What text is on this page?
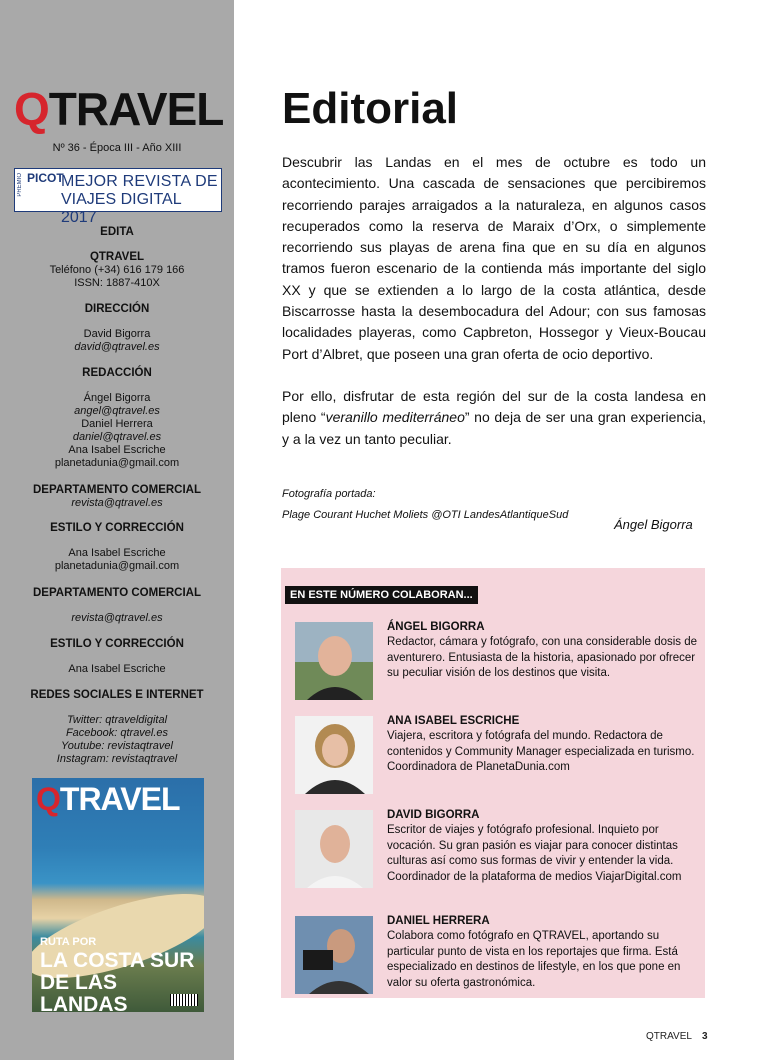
QTRAVEL
Nº 36 - Época III - Año XIII
PREMIO PICOT
MEJOR REVISTA DE
VIAJES DIGITAL 2017
EDITA
QTRAVEL
Teléfono (+34) 616 179 166
ISSN: 1887-410X
DIRECCIÓN
David Bigorra
david@qtravel.es
REDACCIÓN
Ángel Bigorra
angel@qtravel.es
Daniel Herrera
daniel@qtravel.es
Ana Isabel Escriche
planetadunia@gmail.com
DEPARTAMENTO COMERCIAL
revista@qtravel.es
ESTILO Y CORRECCIÓN
Ana Isabel Escriche
planetadunia@gmail.com
DEPARTAMENTO COMERCIAL
revista@qtravel.es
ESTILO Y CORRECCIÓN
Ana Isabel Escriche
REDES SOCIALES E INTERNET
Twitter: qtraveldigital
Facebook: qtravel.es
Youtube: revistaqtravel
Instagram: revistaqtravel
QTRAVEL
RUTA POR
LA COSTA SUR
DE LAS LANDAS
Editorial

Descubrir las Landas en el mes de octubre es todo un acontecimiento. Una cascada de sensaciones que percibiremos recorriendo parajes arraigados a la naturaleza, en algunos casos recuperados como la reserva de Maraix d’Orx, o simplemente recorriendo sus playas de arena fina que en su día en algunos tramos fueron escenario de la contienda más importante del siglo XX y que se extienden a lo largo de la costa atlántica, desde Biscarrosse hasta la desembocadura del Adour; con sus famosas localidades playeras, como Capbreton, Hossegor y Vieux-Boucau Port d’Albret, que poseen una gran oferta de ocio deportivo.

Por ello, disfrutar de esta región del sur de la costa landesa en pleno “veranillo mediterráneo” no deja de ser una gran experiencia, y a la vez un tanto peculiar.

Fotografía portada:
Plage Courant Huchet Moliets @OTI LandesAtlantiqueSud
Ángel Bigorra
EN ESTE NÚMERO COLABORAN...
ÁNGEL BIGORRA
Redactor, cámara y fotógrafo, con una considerable dosis de aventurero. Entusiasta de la historia, apasionado por ofrecer su peculiar visión de los destinos que visita.
ANA ISABEL ESCRICHE
Viajera, escritora y fotógrafa del mundo. Redactora de contenidos y Community Manager especializada en turismo. Coordinadora de PlanetaDunia.com
DAVID BIGORRA
Escritor de viajes y fotógrafo profesional. Inquieto por vocación. Su gran pasión es viajar para conocer distintas culturas así como sus formas de vivir y entender la vida. Coordinador de la plataforma de medios ViajarDigital.com
DANIEL HERRERA
Colabora como fotógrafo en QTRAVEL, aportando su particular punto de vista en los reportajes que firma. Está especializado en destinos de lifestyle, en los que pone en valor su oferta gastronómica.
QTRAVEL 3
